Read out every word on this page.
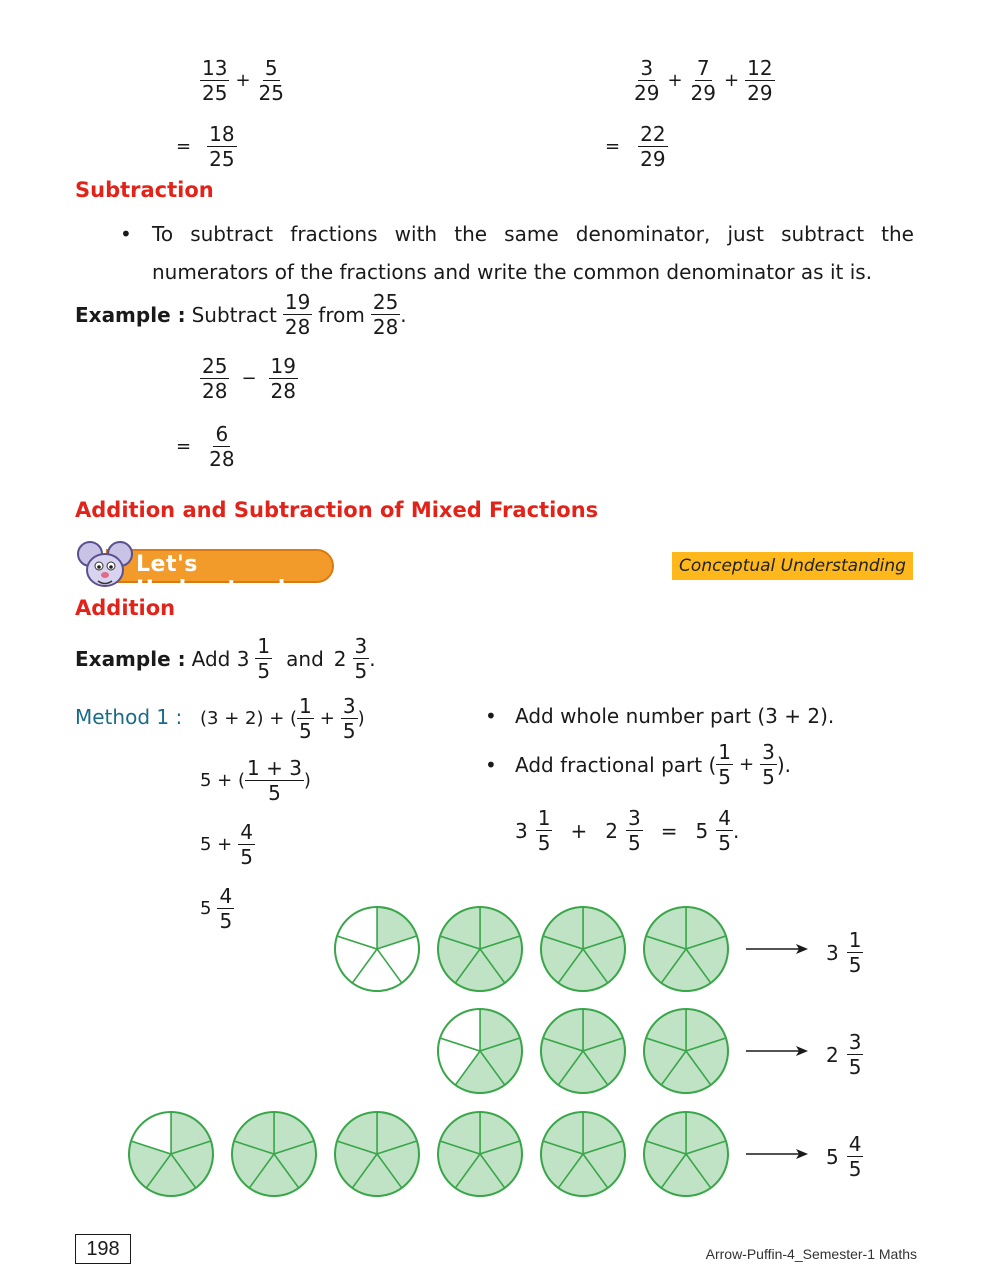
$\frac{13}{25} + \frac{5}{25}$
= $\frac{18}{25}$
$\frac{3}{29} + \frac{7}{29} + \frac{12}{29}$
= $\frac{22}{29}$
Subtraction
•	To subtract fractions with the same denominator, just subtract the
numerators of the fractions and write the common denominator as it is.
Example : Subtract $\frac{19}{28}$ from $\frac{25}{28}$ .
$\frac{25}{28} - \frac{19}{28}$
= $\frac{6}{28}$
Addition and Subtraction of Mixed Fractions
Let's Understand
Conceptual Understanding
Addition
Example : Add $3 \frac{1}{5}$ and $2 \frac{3}{5}$ .
Method 1 : (3 + 2) + ( $\frac{1}{5} + \frac{3}{5}$ )
5 + ( $\frac{1 + 3}{5}$ )
$5 + \frac{4}{5}$
$5 \frac{4}{5}$
• Add whole number part (3 + 2).
• Add fractional part ( $\frac{1}{5} + \frac{3}{5}$ ).
$3 \frac{1}{5} + 2 \frac{3}{5} = 5 \frac{4}{5}$ .
$3 \frac{1}{5}$
$2 \frac{3}{5}$
$5 \frac{4}{5}$
198	Arrow-Puffin-4_Semester-1 Maths
